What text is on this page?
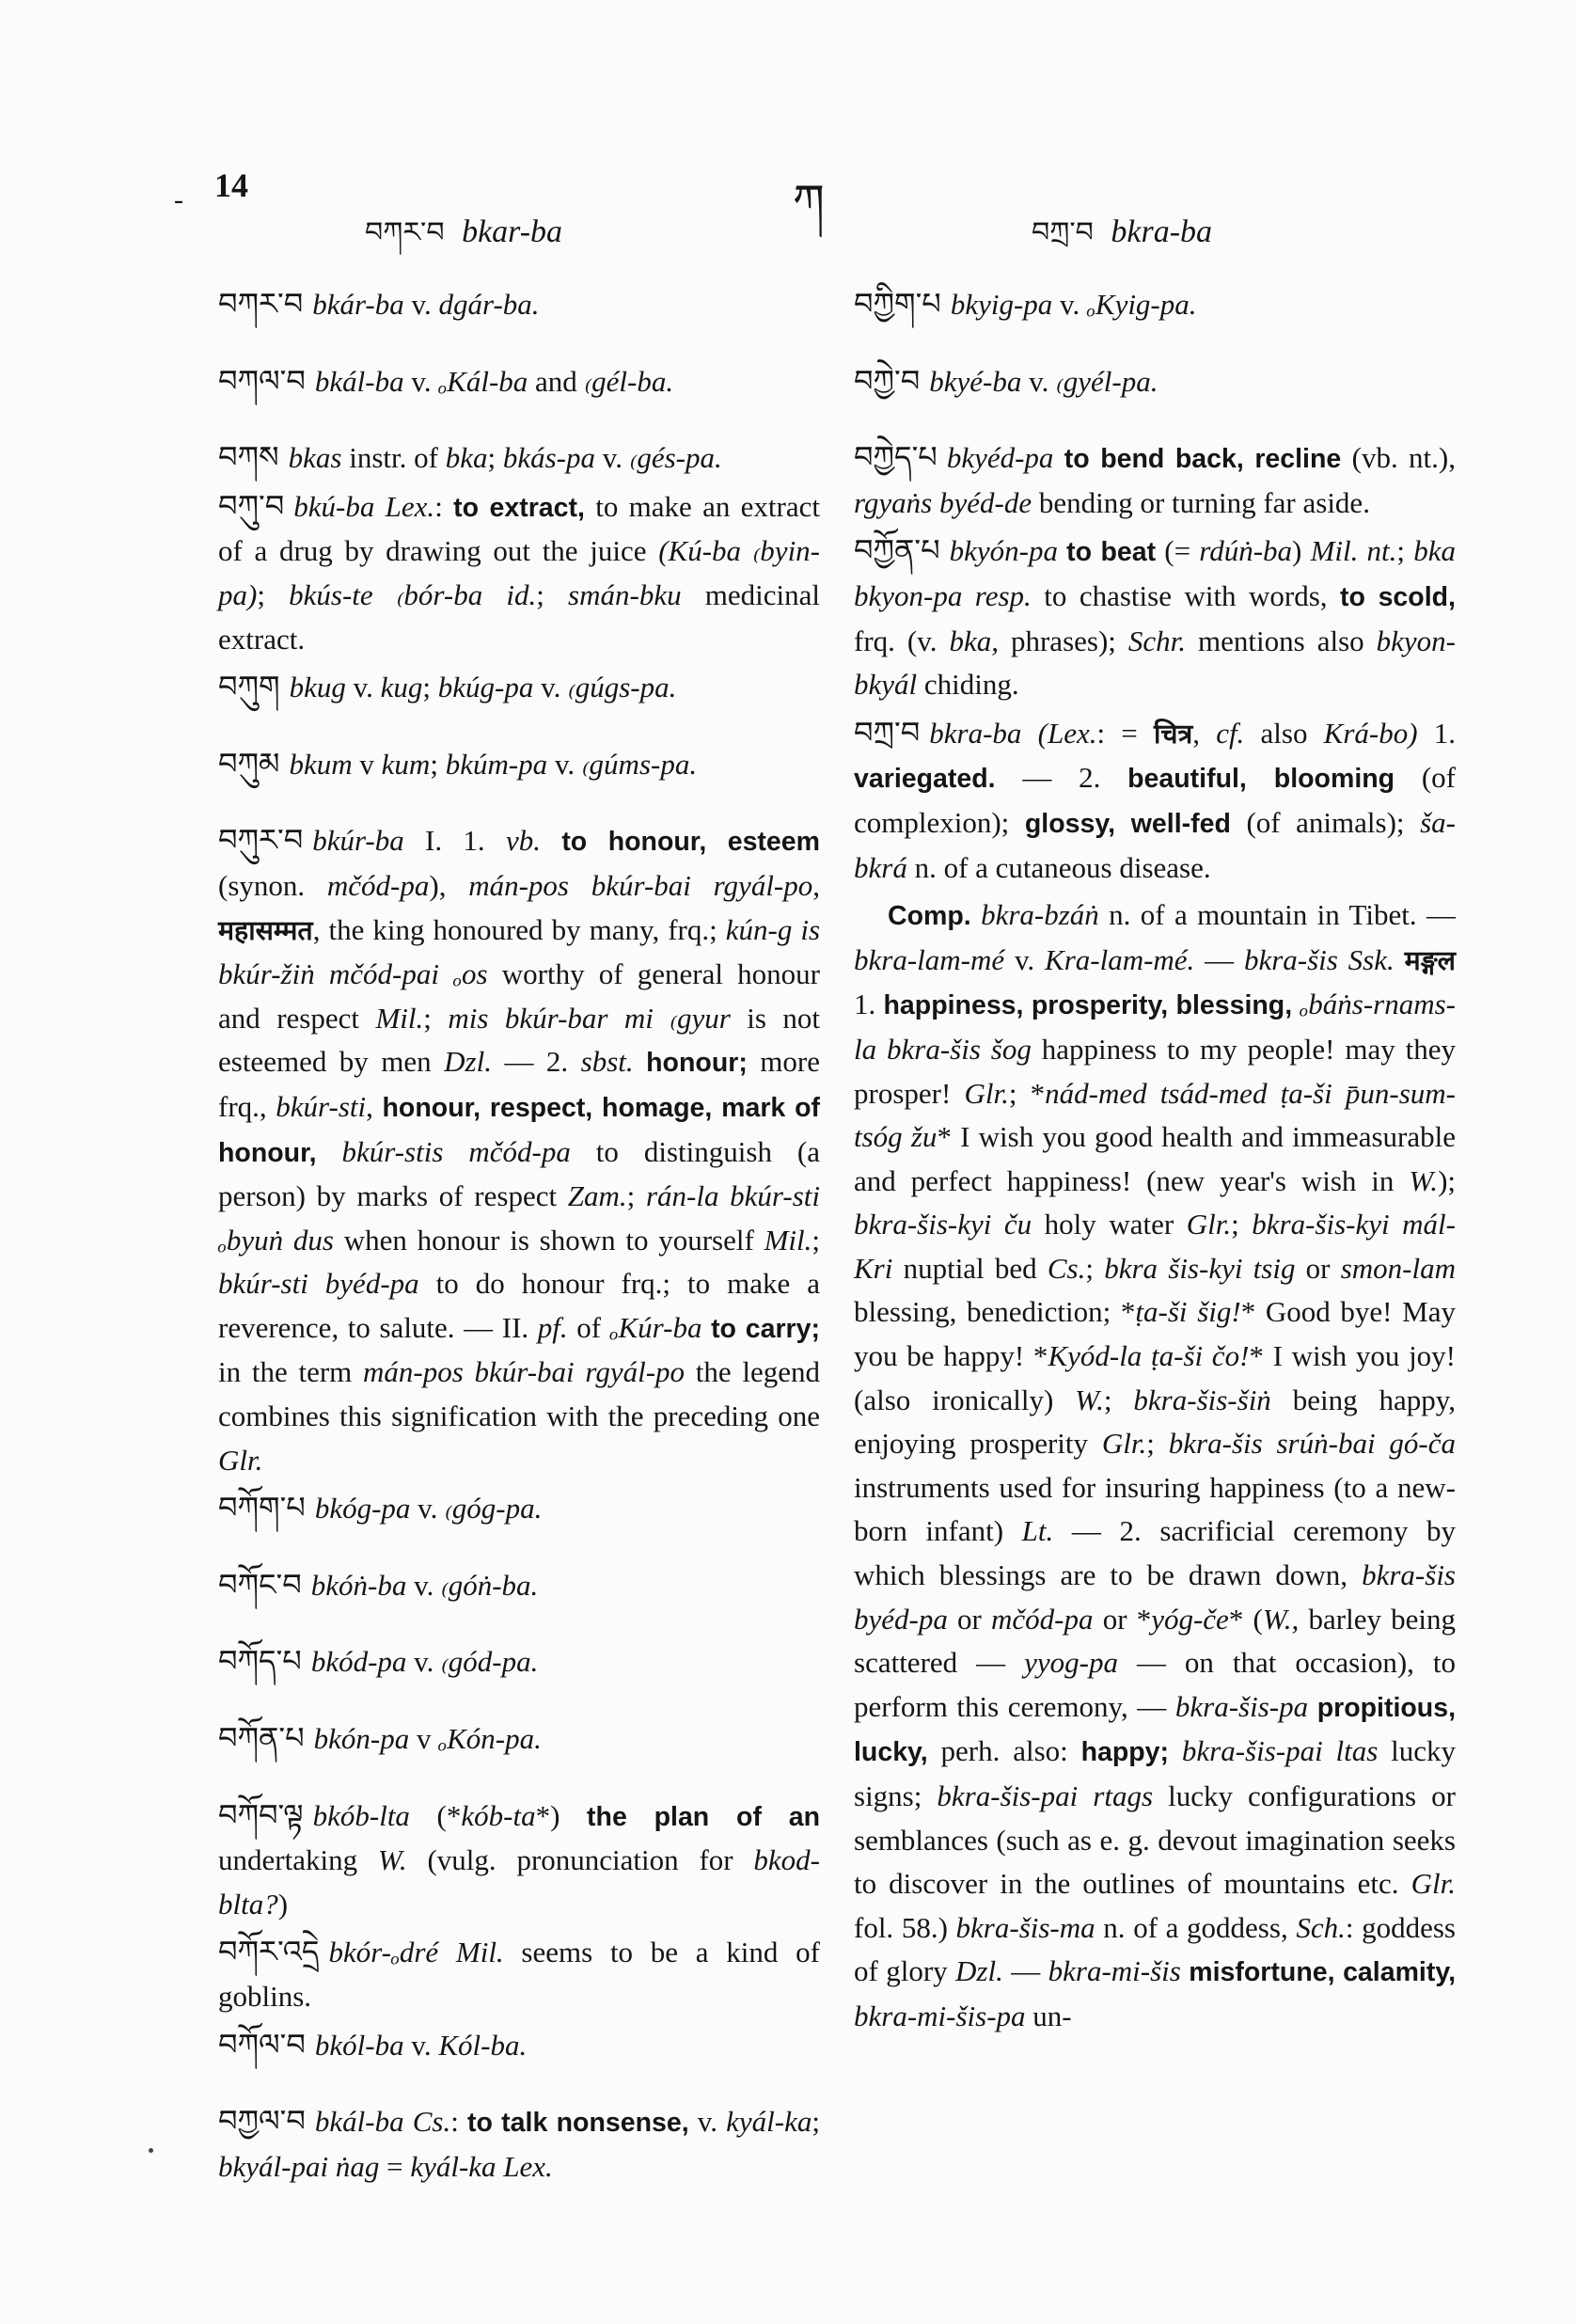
- 14
བཀར་བ bkar-ba
ཀ
བཀྲ་བ bkra-ba

བཀར་བ bkár-ba v. dgár-ba.

བཀལ་བ bkál-ba v. ₒKál-ba and ₍gél-ba.

བཀས bkas instr. of bka; bkás-pa v. ₍gés-pa.

བཀུ་བ bkú-ba Lex.: to extract, to make an extract of a drug by drawing out the juice (Kú-ba ₍byin-pa); bkús-te ₍bór-ba id.; smán-bku medicinal extract.

བཀུག bkug v. kug; bkúg-pa v. ₍gúgs-pa.

བཀུམ bkum v kum; bkúm-pa v. ₍gúms-pa.

བཀུར་བ bkúr-ba I. 1. vb. to honour, esteem (synon. mčód-pa), mán-pos bkúr-bai rgyál-po, महासम्मत, the king honoured by many, frq.; kún-g is bkúr-žiṅ mčód-pai ₒos worthy of general honour and respect Mil.; mis bkúr-bar mi ₍gyur is not esteemed by men Dzl. — 2. sbst. honour; more frq., bkúr-sti, honour, respect, homage, mark of honour, bkúr-stis mčód-pa to distinguish (a person) by marks of respect Zam.; rán-la bkúr-sti ₒbyuṅ dus when honour is shown to yourself Mil.; bkúr-sti byéd-pa to do honour frq.; to make a reverence, to salute. — II. pf. of ₒKúr-ba to carry; in the term mán-pos bkúr-bai rgyál-po the legend combines this signification with the preceding one Glr.

བཀོག་པ bkóg-pa v. ₍góg-pa.

བཀོང་བ bkóṅ-ba v. ₍góṅ-ba.

བཀོད་པ bkód-pa v. ₍gód-pa.

བཀོན་པ bkón-pa v ₒKón-pa.

བཀོབ་ལྟ bkób-lta (*kób-ta*) the plan of an undertaking W. (vulg. pronunciation for bkod-blta?)

བཀོར་འདྲེ bkór-ₒdré Mil. seems to be a kind of goblins.

བཀོལ་བ bkól-ba v. Kól-ba.

བཀྱལ་བ bkál-ba Cs.: to talk nonsense, v. kyál-ka; bkyál-pai ṅag = kyál-ka Lex.

བཀྱིག་པ bkyig-pa v. ₒKyig-pa.

བཀྱེ་བ bkyé-ba v. ₍gyél-pa.

བཀྱེད་པ bkyéd-pa to bend back, recline (vb. nt.), rgyaṅs byéd-de bending or turning far aside.

བཀྱོན་པ bkyón-pa to beat (= rdúṅ-ba) Mil. nt.; bka bkyon-pa resp. to chastise with words, to scold, frq. (v. bka, phrases); Schr. mentions also bkyon-bkyál chiding.

བཀྲ་བ bkra-ba (Lex.: = चित्र, cf. also Krá-bo) 1. variegated. — 2. beautiful, blooming (of complexion); glossy, well-fed (of animals); ša-bkrá n. of a cutaneous disease.

Comp. bkra-bzáṅ n. of a mountain in Tibet. — bkra-lam-mé v. Kra-lam-mé. — bkra-šis Ssk. मङ्गल 1. happiness, prosperity, blessing, ₒbáṅs-rnams-la bkra-šis šog happiness to my people! may they prosper! Glr.; *nád-med tsád-med ṭa-ši p̄un-sum-tsóg žu* I wish you good health and immeasurable and perfect happiness! (new year's wish in W.); bkra-šis-kyi ču holy water Glr.; bkra-šis-kyi mál-Kri nuptial bed Cs.; bkra šis-kyi tsig or smon-lam blessing, benediction; *ṭa-ši šig!* Good bye! May you be happy! *Kyód-la ṭa-ši čo!* I wish you joy! (also ironically) W.; bkra-šis-šiṅ being happy, enjoying prosperity Glr.; bkra-šis srúṅ-bai gó-ča instruments used for insuring happiness (to a new-born infant) Lt. — 2. sacrificial ceremony by which blessings are to be drawn down, bkra-šis byéd-pa or mčód-pa or *yóg-če* (W., barley being scattered — yyog-pa — on that occasion), to perform this ceremony, — bkra-šis-pa propitious, lucky, perh. also: happy; bkra-šis-pai ltas lucky signs; bkra-šis-pai rtags lucky configurations or semblances (such as e. g. devout imagination seeks to discover in the outlines of mountains etc. Glr. fol. 58.) bkra-šis-ma n. of a goddess, Sch.: goddess of glory Dzl. — bkra-mi-šis misfortune, calamity, bkra-mi-šis-pa un-
